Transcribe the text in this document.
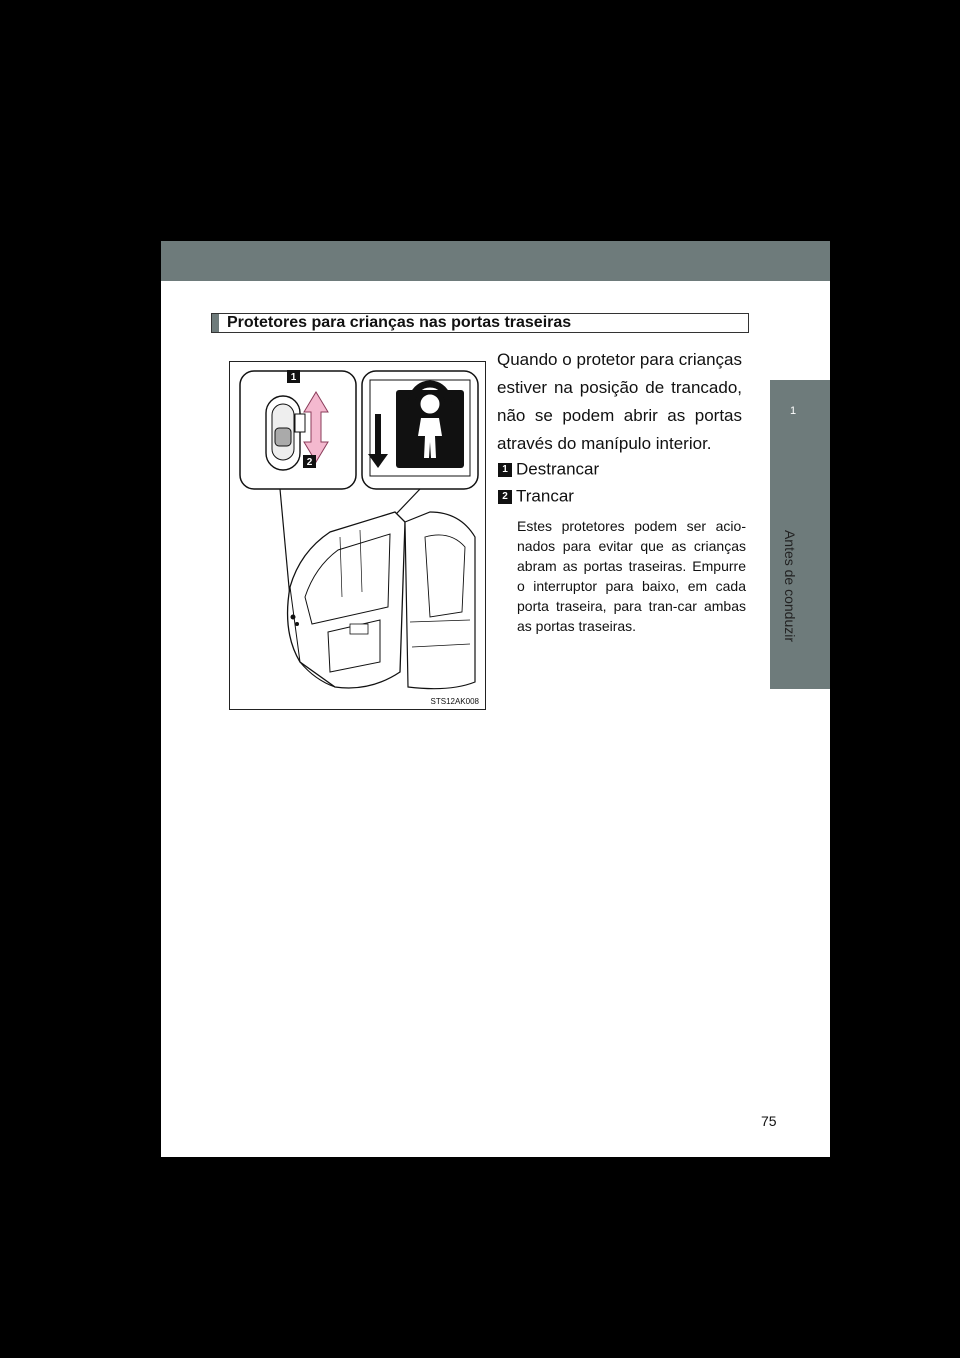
1
Antes de conduzir
Protetores para crianças nas portas traseiras
1
2
STS12AK008
Quando o protetor para crianças estiver na posição de trancado, não se podem abrir as portas através do manípulo interior.
1 Destrancar
2 Trancar
Estes protetores podem ser acio-nados para evitar que as crianças abram as portas traseiras. Empurre o interruptor para baixo, em cada porta traseira, para tran-car ambas as portas traseiras.
75
